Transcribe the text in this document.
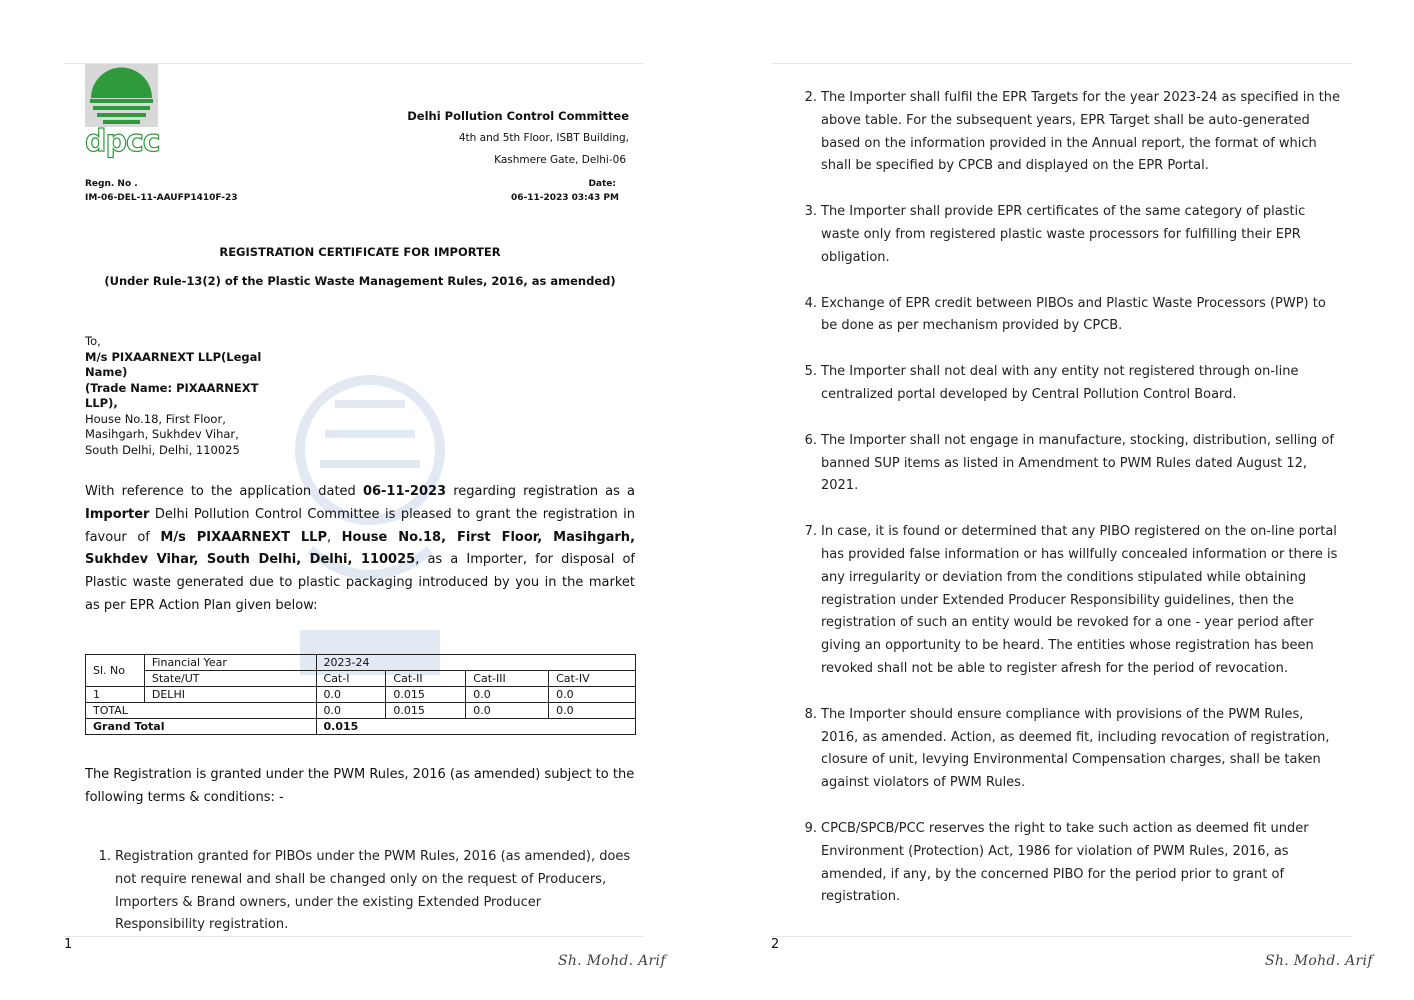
dpcc
Delhi Pollution Control Committee
4th and 5th Floor, ISBT Building,
Kashmere Gate, Delhi-06
Regn. No .
IM-06-DEL-11-AAUFP1410F-23
Date:
06-11-2023 03:43 PM
REGISTRATION CERTIFICATE FOR IMPORTER
(Under Rule-13(2) of the Plastic Waste Management Rules, 2016, as amended)
To,
M/s PIXAARNEXT LLP(Legal Name)
(Trade Name: PIXAARNEXT LLP),
House No.18, First Floor,
Masihgarh, Sukhdev Vihar,
South Delhi, Delhi, 110025
With reference to the application dated 06-11-2023 regarding registration as a Importer Delhi Pollution Control Committee is pleased to grant the registration in favour of M/s PIXAARNEXT LLP, House No.18, First Floor, Masihgarh, Sukhdev Vihar, South Delhi, Delhi, 110025, as a Importer, for disposal of Plastic waste generated due to plastic packaging introduced by you in the market as per EPR Action Plan given below:
Sl. No	Financial Year	2023-24			
	State/UT	Cat-I	Cat-II	Cat-III	Cat-IV
1	DELHI	0.0	0.015	0.0	0.0
TOTAL		0.0	0.015	0.0	0.0
Grand Total		0.015			
The Registration is granted under the PWM Rules, 2016 (as amended) subject to the following terms & conditions: -
1. Registration granted for PIBOs under the PWM Rules, 2016 (as amended), does not require renewal and shall be changed only on the request of Producers, Importers & Brand owners, under the existing Extended Producer Responsibility registration.
1
Sh. Mohd. Arif
2. The Importer shall fulfil the EPR Targets for the year 2023-24 as specified in the above table. For the subsequent years, EPR Target shall be auto-generated based on the information provided in the Annual report, the format of which shall be specified by CPCB and displayed on the EPR Portal.
3. The Importer shall provide EPR certificates of the same category of plastic waste only from registered plastic waste processors for fulfilling their EPR obligation.
4. Exchange of EPR credit between PIBOs and Plastic Waste Processors (PWP) to be done as per mechanism provided by CPCB.
5. The Importer shall not deal with any entity not registered through on-line centralized portal developed by Central Pollution Control Board.
6. The Importer shall not engage in manufacture, stocking, distribution, selling of banned SUP items as listed in Amendment to PWM Rules dated August 12, 2021.
7. In case, it is found or determined that any PIBO registered on the on-line portal has provided false information or has willfully concealed information or there is any irregularity or deviation from the conditions stipulated while obtaining registration under Extended Producer Responsibility guidelines, then the registration of such an entity would be revoked for a one - year period after giving an opportunity to be heard. The entities whose registration has been revoked shall not be able to register afresh for the period of revocation.
8. The Importer should ensure compliance with provisions of the PWM Rules, 2016, as amended. Action, as deemed fit, including revocation of registration, closure of unit, levying Environmental Compensation charges, shall be taken against violators of PWM Rules.
9. CPCB/SPCB/PCC reserves the right to take such action as deemed fit under Environment (Protection) Act, 1986 for violation of PWM Rules, 2016, as amended, if any, by the concerned PIBO for the period prior to grant of registration.
2
Sh. Mohd. Arif
